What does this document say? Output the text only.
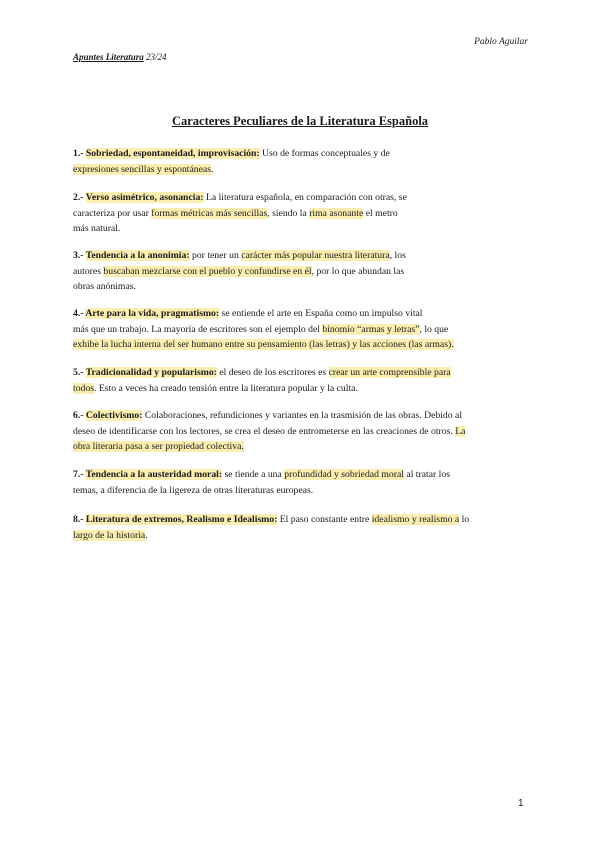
Pablo Aguilar
Apuntes Literatura 23/24
Caracteres Peculiares de la Literatura Española

1.- Sobriedad, espontaneidad, improvisación: Uso de formas conceptuales y de
expresiones sencillas y espontáneas.

2.- Verso asimétrico, asonancia: La literatura española, en comparación con otras, se
caracteriza por usar formas métricas más sencillas, siendo la rima asonante el metro
más natural.

3.- Tendencia a la anonimia: por tener un carácter más popular nuestra literatura, los
autores buscaban mezclarse con el pueblo y confundirse en él, por lo que abundan las
obras anónimas.

4.- Arte para la vida, pragmatismo: se entiende el arte en España como un impulso vital
más que un trabajo. La mayoría de escritores son el ejemplo del binomio “armas y letras”, lo que
exhibe la lucha interna del ser humano entre su pensamiento (las letras) y las acciones (las armas).

5.- Tradicionalidad y popularismo: el deseo de los escritores es crear un arte comprensible para
todos. Esto a veces ha creado tensión entre la literatura popular y la culta.

6.- Colectivismo: Colaboraciones, refundiciones y variantes en la trasmisión de las obras. Debido al
deseo de identificarse con los lectores, se crea el deseo de entrometerse en las creaciones de otros. La
obra literaria pasa a ser propiedad colectiva.

7.- Tendencia a la austeridad moral: se tiende a una profundidad y sobriedad moral al tratar los
temas, a diferencia de la ligereza de otras literaturas europeas.

8.- Literatura de extremos, Realismo e Idealismo: El paso constante entre idealismo y realismo a lo
largo de la historia.

1
